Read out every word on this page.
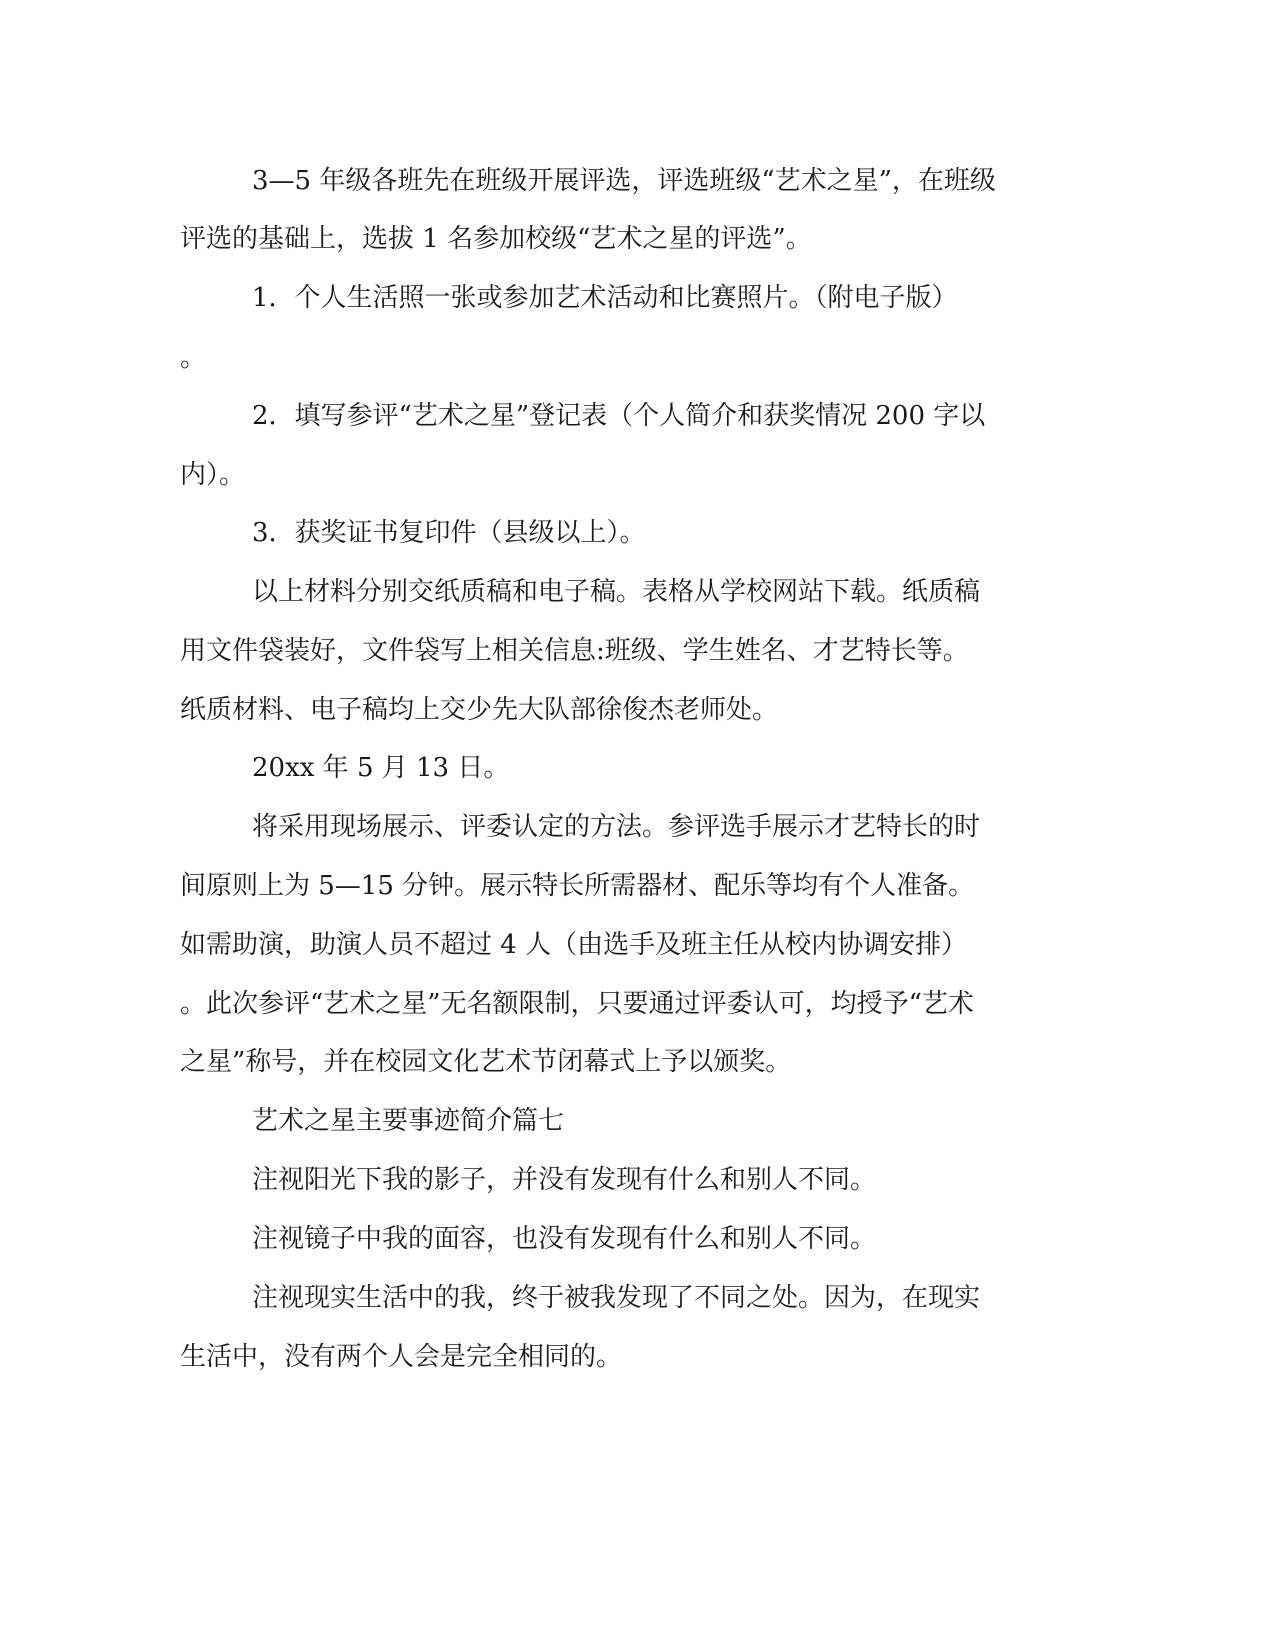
3—5 年级各班先在班级开展评选，评选班级“艺术之星”，在班级

评选的基础上，选拔 1 名参加校级“艺术之星的评选”。

1．个人生活照一张或参加艺术活动和比赛照片。（附电子版）

。

2．填写参评“艺术之星”登记表（个人简介和获奖情况 200 字以

内）。

3．获奖证书复印件（县级以上）。

以上材料分别交纸质稿和电子稿。表格从学校网站下载。纸质稿

用文件袋装好，文件袋写上相关信息:班级、学生姓名、才艺特长等。

纸质材料、电子稿均上交少先大队部徐俊杰老师处。

20xx 年 5 月 13 日。

将采用现场展示、评委认定的方法。参评选手展示才艺特长的时

间原则上为 5—15 分钟。展示特长所需器材、配乐等均有个人准备。

如需助演，助演人员不超过 4 人（由选手及班主任从校内协调安排）

。此次参评“艺术之星”无名额限制，只要通过评委认可，均授予“艺术

之星”称号，并在校园文化艺术节闭幕式上予以颁奖。

艺术之星主要事迹简介篇七

注视阳光下我的影子，并没有发现有什么和别人不同。

注视镜子中我的面容，也没有发现有什么和别人不同。

注视现实生活中的我，终于被我发现了不同之处。因为，在现实

生活中，没有两个人会是完全相同的。
